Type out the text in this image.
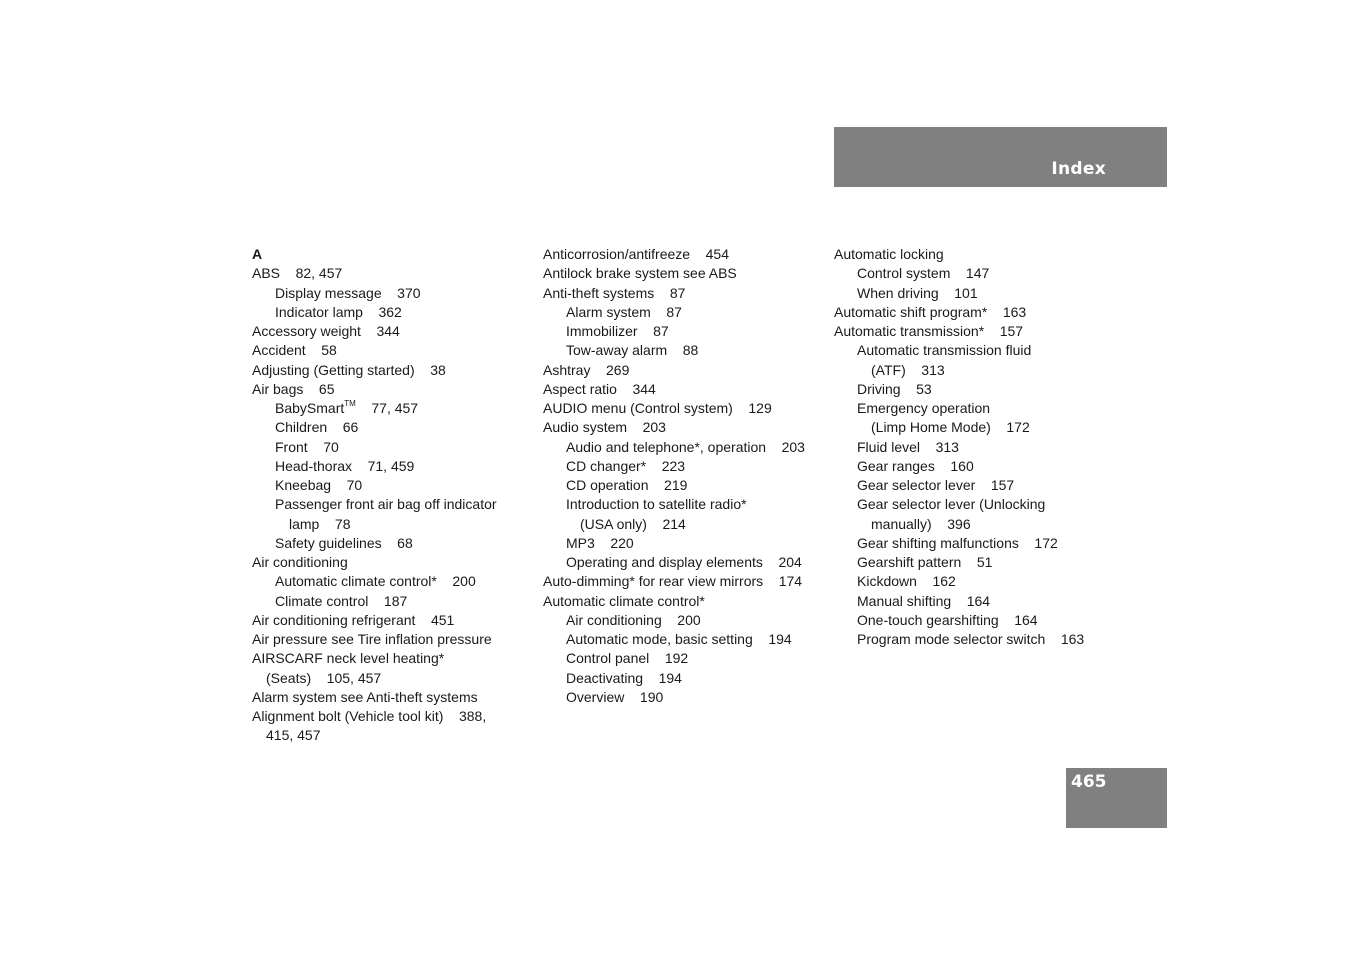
Index
A
ABS    82, 457
Display message    370
Indicator lamp    362
Accessory weight    344
Accident    58
Adjusting (Getting started)    38
Air bags    65
BabySmart™    77, 457
Children    66
Front    70
Head-thorax    71, 459
Kneebag    70
Passenger front air bag off indicator
lamp    78
Safety guidelines    68
Air conditioning
Automatic climate control*    200
Climate control    187
Air conditioning refrigerant    451
Air pressure see Tire inflation pressure
AIRSCARF neck level heating*
(Seats)    105, 457
Alarm system see Anti-theft systems
Alignment bolt (Vehicle tool kit)    388,
415, 457
Anticorrosion/antifreeze    454
Antilock brake system see ABS
Anti-theft systems    87
Alarm system    87
Immobilizer    87
Tow-away alarm    88
Ashtray    269
Aspect ratio    344
AUDIO menu (Control system)    129
Audio system    203
Audio and telephone*, operation    203
CD changer*    223
CD operation    219
Introduction to satellite radio*
(USA only)    214
MP3    220
Operating and display elements    204
Auto-dimming* for rear view mirrors    174
Automatic climate control*
Air conditioning    200
Automatic mode, basic setting    194
Control panel    192
Deactivating    194
Overview    190
Automatic locking
Control system    147
When driving    101
Automatic shift program*    163
Automatic transmission*    157
Automatic transmission fluid
(ATF)    313
Driving    53
Emergency operation
(Limp Home Mode)    172
Fluid level    313
Gear ranges    160
Gear selector lever    157
Gear selector lever (Unlocking
manually)    396
Gear shifting malfunctions    172
Gearshift pattern    51
Kickdown    162
Manual shifting    164
One-touch gearshifting    164
Program mode selector switch    163
465
